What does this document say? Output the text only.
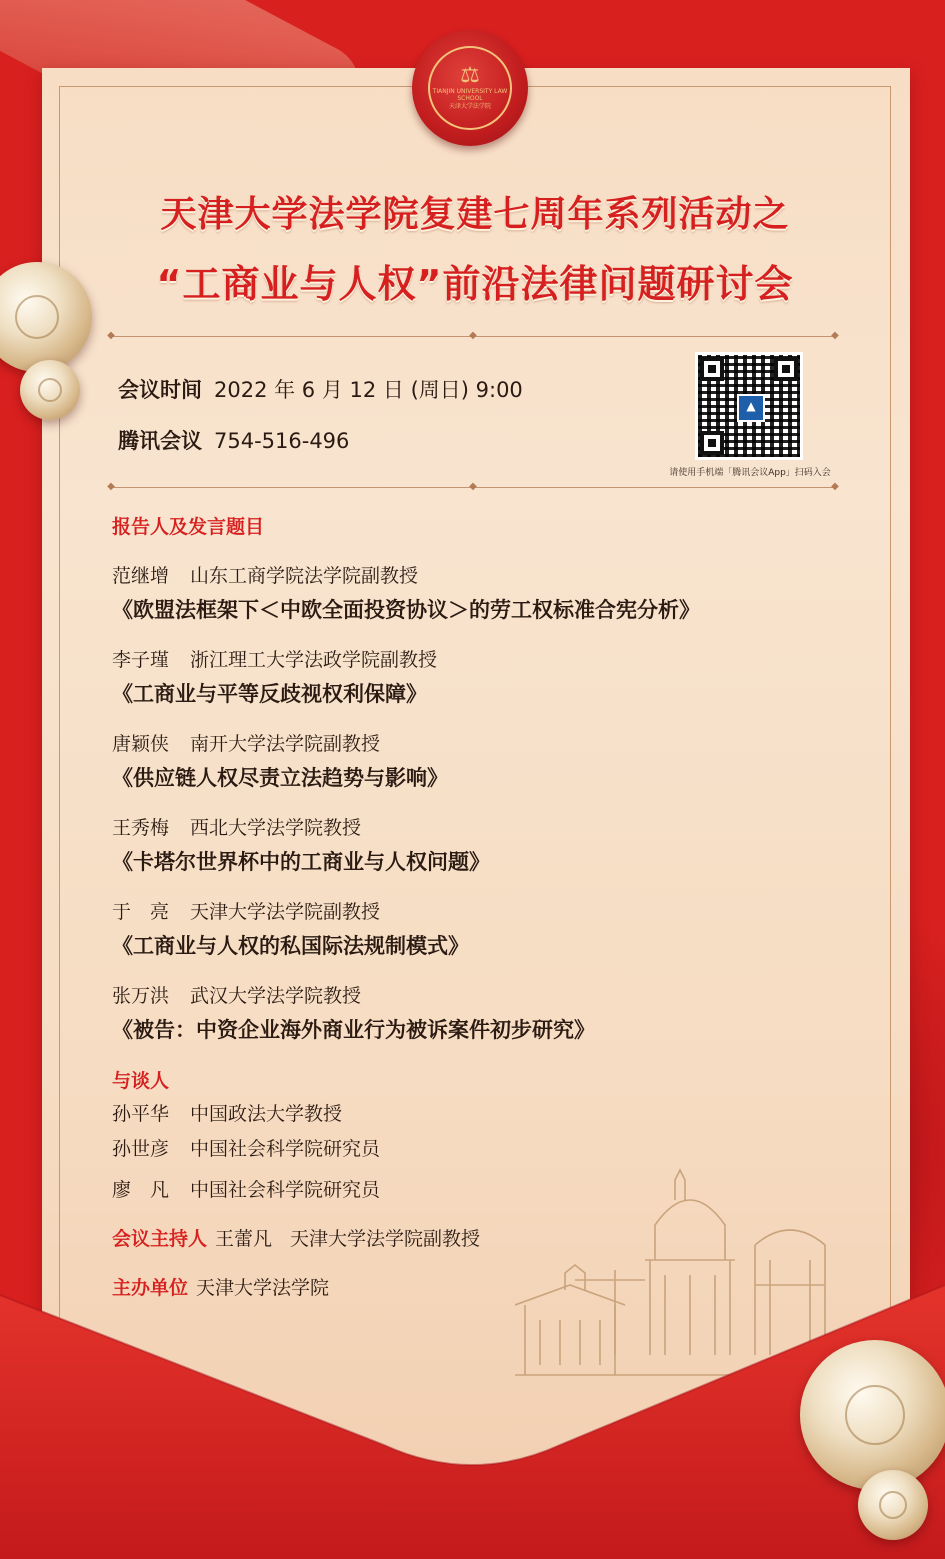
⚖
TIANJIN UNIVERSITY LAW SCHOOL
天津大学法学院
天津大学法学院复建七周年系列活动之
“工商业与人权”前沿法律问题研讨会
◆	◆	◆
会议时间 2022 年 6 月 12 日 (周日) 9:00
腾讯会议 754-516-496
▲
请使用手机端「腾讯会议App」扫码入会
◆	◆	◆
报告人及发言题目
范继增 山东工商学院法学院副教授
《欧盟法框架下＜中欧全面投资协议＞的劳工权标准合宪分析》
李子瑾 浙江理工大学法政学院副教授
《工商业与平等反歧视权利保障》
唐颖侠 南开大学法学院副教授
《供应链人权尽责立法趋势与影响》
王秀梅 西北大学法学院教授
《卡塔尔世界杯中的工商业与人权问题》
于　亮 天津大学法学院副教授
《工商业与人权的私国际法规制模式》
张万洪 武汉大学法学院教授
《被告：中资企业海外商业行为被诉案件初步研究》
与谈人
孙平华 中国政法大学教授
孙世彦 中国社会科学院研究员
廖　凡 中国社会科学院研究员
会议主持人 王蕾凡 天津大学法学院副教授
主办单位 天津大学法学院
